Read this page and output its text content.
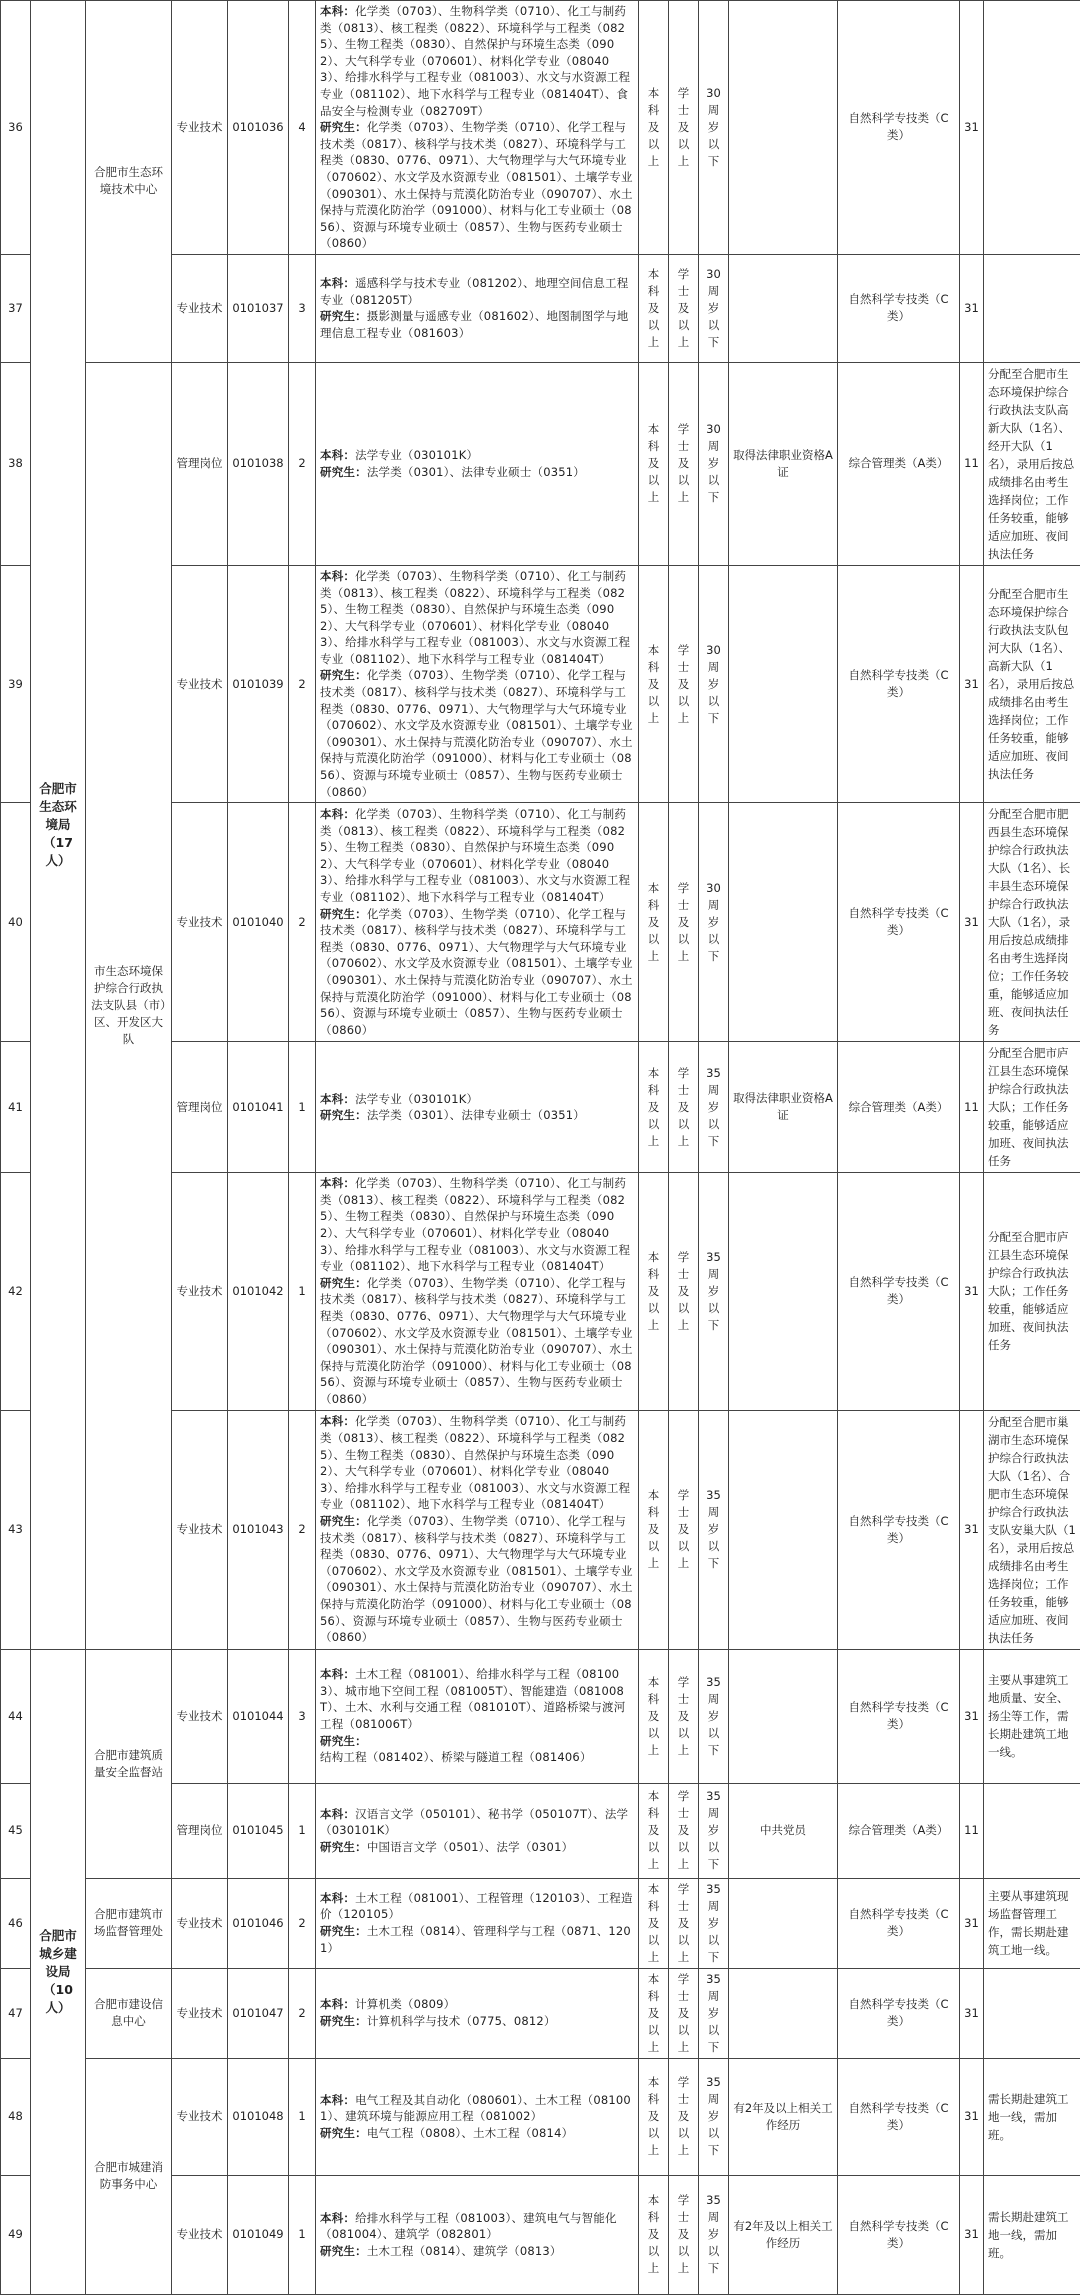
36	合肥市生态环境局（17人）	合肥市生态环境技术中心	专业技术	0101036	4	本科：化学类（0703）、生物科学类（0710）、化工与制药类（0813）、核工程类（0822）、环境科学与工程类（0825）、生物工程类（0830）、自然保护与环境生态类（0902）、大气科学专业（070601）、材料化学专业（080403）、给排水科学与工程专业（081003）、水文与水资源工程专业（081102）、地下水科学与工程专业（081404T）、食品安全与检测专业（082709T）
研究生：化学类（0703）、生物学类（0710）、化学工程与技术类（0817）、核科学与技术类（0827）、环境科学与工程类（0830、0776、0971）、大气物理学与大气环境专业（070602）、水文学及水资源专业（081501）、土壤学专业（090301）、水土保持与荒漠化防治专业（090707）、水土保持与荒漠化防治学（091000）、材料与化工专业硕士（0856）、资源与环境专业硕士（0857）、生物与医药专业硕士（0860）	本科及以上	学士及以上	30周岁以下		自然科学专技类（C类）	31	
37			专业技术	0101037	3	本科：遥感科学与技术专业（081202）、地理空间信息工程专业（081205T）
研究生：摄影测量与遥感专业（081602）、地图制图学与地理信息工程专业（081603）	本科及以上	学士及以上	30周岁以下		自然科学专技类（C类）	31	
38		市生态环境保护综合行政执法支队县（市）区、开发区大队	管理岗位	0101038	2	本科：法学专业（030101K）
研究生：法学类（0301）、法律专业硕士（0351）	本科及以上	学士及以上	30周岁以下	取得法律职业资格A证	综合管理类（A类）	11	分配至合肥市生态环境保护综合行政执法支队高新大队（1名）、经开大队（1名），录用后按总成绩排名由考生选择岗位；工作任务较重，能够适应加班、夜间执法任务
39			专业技术	0101039	2	本科：化学类（0703）、生物科学类（0710）、化工与制药类（0813）、核工程类（0822）、环境科学与工程类（0825）、生物工程类（0830）、自然保护与环境生态类（0902）、大气科学专业（070601）、材料化学专业（080403）、给排水科学与工程专业（081003）、水文与水资源工程专业（081102）、地下水科学与工程专业（081404T）
研究生：化学类（0703）、生物学类（0710）、化学工程与技术类（0817）、核科学与技术类（0827）、环境科学与工程类（0830、0776、0971）、大气物理学与大气环境专业（070602）、水文学及水资源专业（081501）、土壤学专业（090301）、水土保持与荒漠化防治专业（090707）、水土保持与荒漠化防治学（091000）、材料与化工专业硕士（0856）、资源与环境专业硕士（0857）、生物与医药专业硕士（0860）	本科及以上	学士及以上	30周岁以下		自然科学专技类（C类）	31	分配至合肥市生态环境保护综合行政执法支队包河大队（1名）、高新大队（1名），录用后按总成绩排名由考生选择岗位；工作任务较重，能够适应加班、夜间执法任务
40			专业技术	0101040	2	本科：化学类（0703）、生物科学类（0710）、化工与制药类（0813）、核工程类（0822）、环境科学与工程类（0825）、生物工程类（0830）、自然保护与环境生态类（0902）、大气科学专业（070601）、材料化学专业（080403）、给排水科学与工程专业（081003）、水文与水资源工程专业（081102）、地下水科学与工程专业（081404T）
研究生：化学类（0703）、生物学类（0710）、化学工程与技术类（0817）、核科学与技术类（0827）、环境科学与工程类（0830、0776、0971）、大气物理学与大气环境专业（070602）、水文学及水资源专业（081501）、土壤学专业（090301）、水土保持与荒漠化防治专业（090707）、水土保持与荒漠化防治学（091000）、材料与化工专业硕士（0856）、资源与环境专业硕士（0857）、生物与医药专业硕士（0860）	本科及以上	学士及以上	30周岁以下		自然科学专技类（C类）	31	分配至合肥市肥西县生态环境保护综合行政执法大队（1名）、长丰县生态环境保护综合行政执法大队（1名），录用后按总成绩排名由考生选择岗位；工作任务较重，能够适应加班、夜间执法任务
41			管理岗位	0101041	1	本科：法学专业（030101K）
研究生：法学类（0301）、法律专业硕士（0351）	本科及以上	学士及以上	35周岁以下	取得法律职业资格A证	综合管理类（A类）	11	分配至合肥市庐江县生态环境保护综合行政执法大队；工作任务较重，能够适应加班、夜间执法任务
42			专业技术	0101042	1	本科：化学类（0703）、生物科学类（0710）、化工与制药类（0813）、核工程类（0822）、环境科学与工程类（0825）、生物工程类（0830）、自然保护与环境生态类（0902）、大气科学专业（070601）、材料化学专业（080403）、给排水科学与工程专业（081003）、水文与水资源工程专业（081102）、地下水科学与工程专业（081404T）
研究生：化学类（0703）、生物学类（0710）、化学工程与技术类（0817）、核科学与技术类（0827）、环境科学与工程类（0830、0776、0971）、大气物理学与大气环境专业（070602）、水文学及水资源专业（081501）、土壤学专业（090301）、水土保持与荒漠化防治专业（090707）、水土保持与荒漠化防治学（091000）、材料与化工专业硕士（0856）、资源与环境专业硕士（0857）、生物与医药专业硕士（0860）	本科及以上	学士及以上	35周岁以下		自然科学专技类（C类）	31	分配至合肥市庐江县生态环境保护综合行政执法大队；工作任务较重，能够适应加班、夜间执法任务
43			专业技术	0101043	2	本科：化学类（0703）、生物科学类（0710）、化工与制药类（0813）、核工程类（0822）、环境科学与工程类（0825）、生物工程类（0830）、自然保护与环境生态类（0902）、大气科学专业（070601）、材料化学专业（080403）、给排水科学与工程专业（081003）、水文与水资源工程专业（081102）、地下水科学与工程专业（081404T）
研究生：化学类（0703）、生物学类（0710）、化学工程与技术类（0817）、核科学与技术类（0827）、环境科学与工程类（0830、0776、0971）、大气物理学与大气环境专业（070602）、水文学及水资源专业（081501）、土壤学专业（090301）、水土保持与荒漠化防治专业（090707）、水土保持与荒漠化防治学（091000）、材料与化工专业硕士（0856）、资源与环境专业硕士（0857）、生物与医药专业硕士（0860）	本科及以上	学士及以上	35周岁以下		自然科学专技类（C类）	31	分配至合肥市巢湖市生态环境保护综合行政执法大队（1名）、合肥市生态环境保护综合行政执法支队安巢大队（1名），录用后按总成绩排名由考生选择岗位；工作任务较重，能够适应加班、夜间执法任务
44	合肥市城乡建设局（10人）	合肥市建筑质量安全监督站	专业技术	0101044	3	本科：土木工程（081001）、给排水科学与工程（081003）、城市地下空间工程（081005T）、智能建造（081008T）、土木、水利与交通工程（081010T）、道路桥梁与渡河工程（081006T）
研究生：结构工程（081402）、桥梁与隧道工程（081406）	本科及以上	学士及以上	35周岁以下		自然科学专技类（C类）	31	主要从事建筑工地质量、安全、扬尘等工作，需长期赴建筑工地一线。
45			管理岗位	0101045	1	本科：汉语言文学（050101）、秘书学（050107T）、法学（030101K）
研究生：中国语言文学（0501）、法学（0301）	本科及以上	学士及以上	35周岁以下	中共党员	综合管理类（A类）	11	
46		合肥市建筑市场监督管理处	专业技术	0101046	2	本科：土木工程（081001）、工程管理（120103）、工程造价（120105）
研究生：土木工程（0814）、管理科学与工程（0871、1201）	本科及以上	学士及以上	35周岁以下		自然科学专技类（C类）	31	主要从事建筑现场监督管理工作，需长期赴建筑工地一线。
47		合肥市建设信息中心	专业技术	0101047	2	本科：计算机类（0809）
研究生：计算机科学与技术（0775、0812）	本科及以上	学士及以上	35周岁以下		自然科学专技类（C类）	31	
48		合肥市城建消防事务中心	专业技术	0101048	1	本科：电气工程及其自动化（080601）、土木工程（081001）、建筑环境与能源应用工程（081002）
研究生：电气工程（0808）、土木工程（0814）	本科及以上	学士及以上	35周岁以下	有2年及以上相关工作经历	自然科学专技类（C类）	31	需长期赴建筑工地一线，需加班。
49			专业技术	0101049	1	本科：给排水科学与工程（081003）、建筑电气与智能化（081004）、建筑学（082801）
研究生：土木工程（0814）、建筑学（0813）	本科及以上	学士及以上	35周岁以下	有2年及以上相关工作经历	自然科学专技类（C类）	31	需长期赴建筑工地一线，需加班。
